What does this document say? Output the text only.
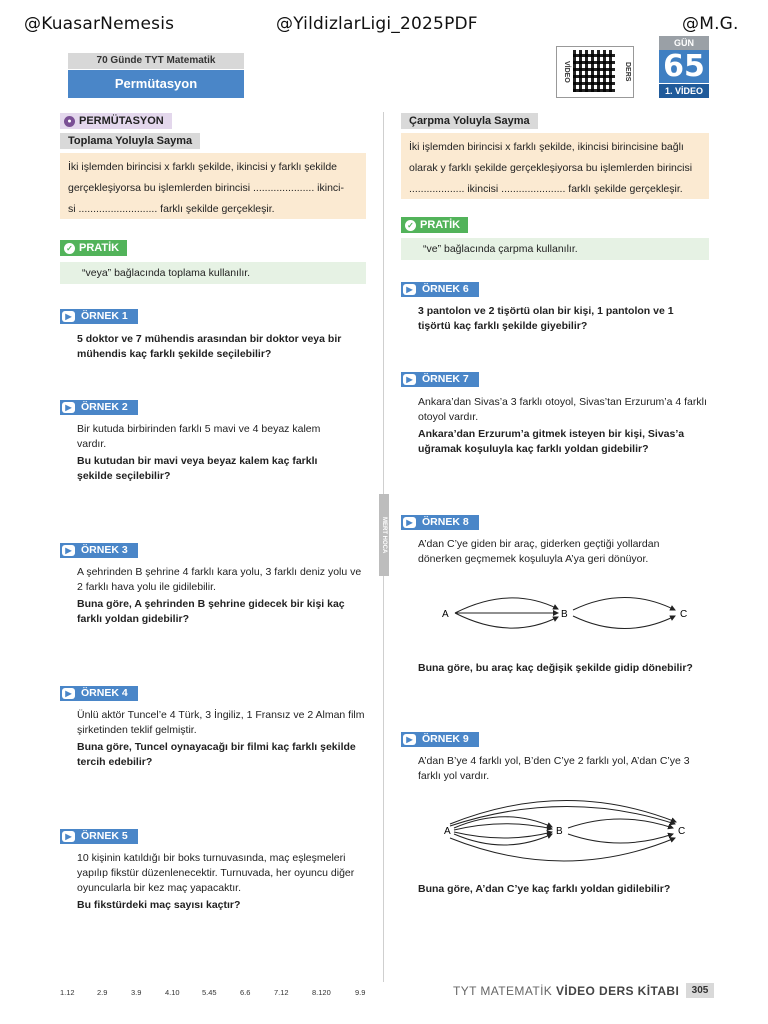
@KuasarNemesis	@YildizlarLigi_2025PDF	@M.G.
70 Günde TYT Matematik
Permütasyon
VİDEO	DERS
GÜN
65
1. VİDEO
MERT HOCA
● PERMÜTASYON
Toplama Yoluyla Sayma
İki işlemden birincisi x farklı şekilde, ikincisi y farklı şekilde
gerçekleşiyorsa bu işlemlerden birincisi ..................... ikinci-
si ........................... farklı şekilde gerçekleşir.
✓ PRATİK
“veya” bağlacında toplama kullanılır.
▶ ÖRNEK 1
5 doktor ve 7 mühendis arasından bir doktor veya bir mühendis kaç farklı şekilde seçilebilir?
▶ ÖRNEK 2
Bir kutuda birbirinden farklı 5 mavi ve 4 beyaz kalem vardır.
Bu kutudan bir mavi veya beyaz kalem kaç farklı şekilde seçilebilir?
▶ ÖRNEK 3
A şehrinden B şehrine 4 farklı kara yolu, 3 farklı deniz yolu ve 2 farklı hava yolu ile gidilebilir.
Buna göre, A şehrinden B şehrine gidecek bir kişi kaç farklı yoldan gidebilir?
▶ ÖRNEK 4
Ünlü aktör Tuncel’e 4 Türk, 3 İngiliz, 1 Fransız ve 2 Alman film şirketinden teklif gelmiştir.
Buna göre, Tuncel oynayacağı bir filmi kaç farklı şekilde tercih edebilir?
▶ ÖRNEK 5
10 kişinin katıldığı bir boks turnuvasında, maç eşleşmeleri yapılıp fikstür düzenlenecektir. Turnuvada, her oyuncu diğer oyuncularla bir kez maç yapacaktır.
Bu fikstürdeki maç sayısı kaçtır?
Çarpma Yoluyla Sayma
İki işlemden birincisi x farklı şekilde, ikincisi birincisine bağlı
olarak y farklı şekilde gerçekleşiyorsa bu işlemlerden birincisi
................... ikincisi ...................... farklı şekilde gerçekleşir.
✓ PRATİK
“ve” bağlacında çarpma kullanılır.
▶ ÖRNEK 6
3 pantolon ve 2 tişörtü olan bir kişi, 1 pantolon ve 1 tişörtü kaç farklı şekilde giyebilir?
▶ ÖRNEK 7
Ankara’dan Sivas’a 3 farklı otoyol, Sivas’tan Erzurum’a 4 farklı otoyol vardır.
Ankara’dan Erzurum’a gitmek isteyen bir kişi, Sivas’a uğramak koşuluyla kaç farklı yoldan gidebilir?
▶ ÖRNEK 8
A’dan C’ye giden bir araç, giderken geçtiği yollardan dönerken geçmemek koşuluyla A’ya geri dönüyor.
A	B	C
Buna göre, bu araç kaç değişik şekilde gidip dönebilir?
▶ ÖRNEK 9
A’dan B’ye 4 farklı yol, B’den C’ye 2 farklı yol, A’dan C’ye 3 farklı yol vardır.
A	B	C
Buna göre, A’dan C’ye kaç farklı yoldan gidilebilir?
1.12	2.9	3.9	4.10	5.45	6.6	7.12	8.120	9.9	TYT MATEMATİK VİDEO DERS KİTABI	305
